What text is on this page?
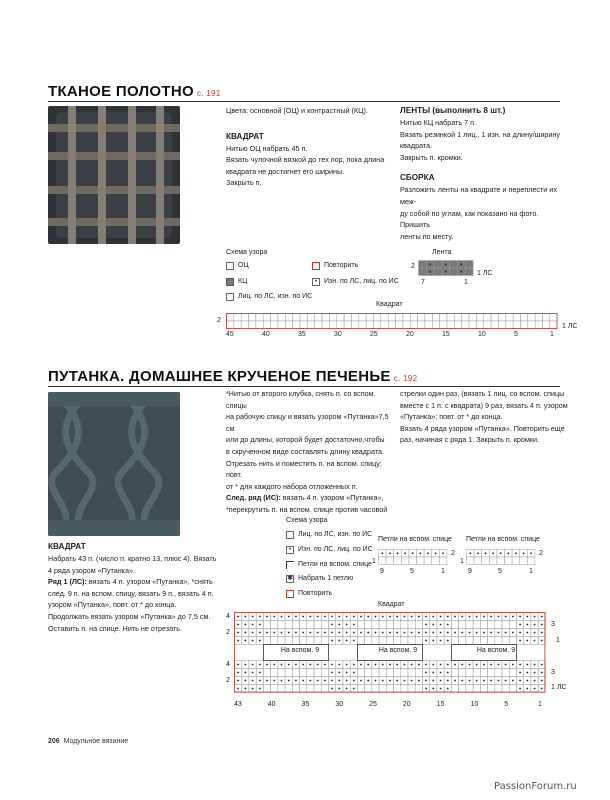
ТКАНОЕ ПОЛОТНО с. 191
Цвета: основной (ОЦ) и контрастный (КЦ).
КВАДРАТ
Нитью ОЦ набрать 45 п.
Вязать чулочной вязкой до тех пор, пока длина
квадрата не достигнет его ширины.
Закрыть п.
ЛЕНТЫ (выполнить 8 шт.)
Нитью КЦ набрать 7 п.
Вязать резинкой 1 лиц., 1 изн. на длину/ширину
квадрата.
Закрыть п. кромки.
СБОРКА
Разложить ленты на квадрате и переплести их меж-
ду собой по углам, как показано на фото. Пришить
ленты по месту.
Схема узора
ОЦ
КЦ
Лиц. по ЛС, изн. по ИС
Повторить
• Изн. по ЛС, лиц. по ИС
Лента
2
1 ЛС
7	1
Квадрат
2
1 ЛС
45	40	35	30	25	20	15	10	5	1
ПУТАНКА. ДОМАШНЕЕ КРУЧЕНОЕ ПЕЧЕНЬЕ с. 192
*Нитью от второго клубка, снять п. со вспом. спицы
на рабочую спицу и вязать узором «Путанка»7,5 см
или до длины, которой будет достаточно,чтобы
в скрученном виде составлять длину квадрата.
Отрезать нить и поместить п. на вспом. спицу; повт.
от * для каждого набора отложенных п.
След. ряд (ИС): вязать 4 п. узором «Путанка»,
*перекрутить п. на вспом. спице против часовой
стрелки один раз, (вязать 1 лиц. со вспом. спицы
вместе с 1 п. с квадрата) 9 раз, вязать 4 п. узором
«Путанка»; повт. от * до конца.
Вязать 4 ряда узором «Путанка». Повторить еще
раз, начиная с ряда 1. Закрыть п. кромки.
КВАДРАТ
Набрать 43 п. (число п. кратно 13, плюс 4). Вязать
4 ряда узором «Путанка».
Ряд 1 (ЛС): вязать 4 п. узором «Путанка», *снять
след. 9 п. на вспом. спицу, вязать 9 п., вязать 4 п.
узором «Путанка», повт. от * до конца.
Продолжать вязать узором «Путанка» до 7,5 см.
Оставить п. на спице. Нить не отрезать.
Схема узора
Лиц. по ЛС, изн. по ИС
• Изн. по ЛС, лиц. по ИС
Петли на вспом. спице
✱ Набрать 1 петлю
Повторить
Петли на вспом. спице
2
1
9	5	1
Петли на вспом. спице
2
1
9	5	1
Квадрат
На вспом. 9	На вспом. 9	На вспом. 9
4
2
4
2
3
1
3
1 ЛС
43	40	35	30	25	20	15	10	5	1
206 Модульное вязание
PassionForum.ru
